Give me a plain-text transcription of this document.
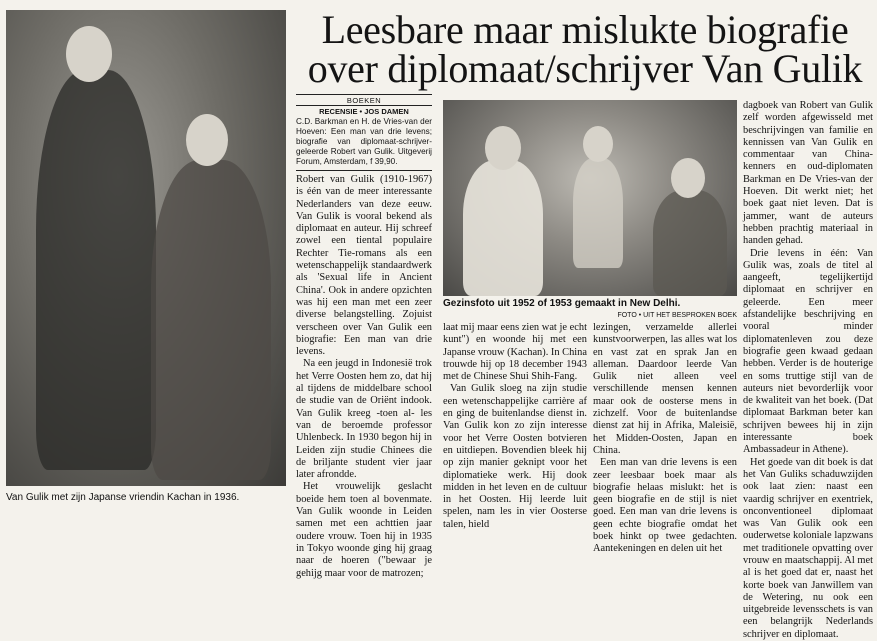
Van Gulik met zijn Japanse vriendin Kachan in 1936.
Leesbare maar mislukte biografie
over diplomaat/schrijver Van Gulik
BOEKEN
RECENSIE • JOS DAMEN
C.D. Barkman en H. de Vries-van der Hoeven: Een man van drie levens; biografie van diplomaat-schrijver-geleerde Robert van Gulik. Uitgeverij Forum, Amsterdam, f 39,90.
Gezinsfoto uit 1952 of 1953 gemaakt in New Delhi.
FOTO • UIT HET BESPROKEN BOEK

Robert van Gulik (1910-1967) is één van de meer interessante Nederlanders van deze eeuw. Van Gulik is vooral bekend als diplomaat en auteur. Hij schreef zowel een tiental populaire Rechter Tie-romans als een wetenschappelijk standaardwerk als 'Sexual life in Ancient China'. Ook in andere opzichten was hij een man met een zeer diverse belangstelling. Zojuist verscheen over Van Gulik een biografie: Een man van drie levens.

Na een jeugd in Indonesië trok het Verre Oosten hem zo, dat hij al tijdens de middelbare school de studie van de Oriënt indook. Van Gulik kreeg -toen al- les van de beroemde professor Uhlenbeck. In 1930 begon hij in Leiden zijn studie Chinees die de briljante student vier jaar later afrondde.

Het vrouwelijk geslacht boeide hem toen al bovenmate. Van Gulik woonde in Leiden samen met een achttien jaar oudere vrouw. Toen hij in 1935 in Tokyo woonde ging hij graag naar de hoeren ("bewaar je gehijg maar voor de matrozen;

laat mij maar eens zien wat je echt kunt") en woonde hij met een Japanse vrouw (Kachan). In China trouwde hij op 18 december 1943 met de Chinese Shui Shih-Fang.

Van Gulik sloeg na zijn studie een wetenschappelijke carrière af en ging de buitenlandse dienst in. Van Gulik kon zo zijn interesse voor het Verre Oosten botvieren en uitdiepen. Bovendien bleek hij op zijn manier geknipt voor het diplomatieke werk. Hij dook midden in het leven en de cultuur in het Oosten. Hij leerde luit spelen, nam les in vier Oosterse talen, hield

lezingen, verzamelde allerlei kunstvoorwerpen, las alles wat los en vast zat en sprak Jan en alleman. Daardoor leerde Van Gulik niet alleen veel verschillende mensen kennen maar ook de oosterse mens in zichzelf. Voor de buitenlandse dienst zat hij in Afrika, Maleisië, het Midden-Oosten, Japan en China.

Een man van drie levens is een zeer leesbaar boek maar als biografie helaas mislukt: het is geen biografie en de stijl is niet goed. Een man van drie levens is geen echte biografie omdat het boek hinkt op twee gedachten. Aantekeningen en delen uit het

dagboek van Robert van Gulik zelf worden afgewisseld met beschrijvingen van familie en kennissen van Van Gulik en commentaar van China-kenners en oud-diplomaten Barkman en De Vries-van der Hoeven. Dit werkt niet; het boek gaat niet leven. Dat is jammer, want de auteurs hebben prachtig materiaal in handen gehad.

Drie levens in één: Van Gulik was, zoals de titel al aangeeft, tegelijkertijd diplomaat en schrijver en geleerde. Een meer afstandelijke beschrijving en vooral minder diplomatenleven zou deze biografie geen kwaad gedaan hebben. Verder is de houterige en soms truttige stijl van de auteurs niet bevorderlijk voor de kwaliteit van het boek. (Dat diplomaat Barkman beter kan schrijven bewees hij in zijn interessante boek Ambassadeur in Athene).

Het goede van dit boek is dat het Van Guliks schaduwzijden ook laat zien: naast een vaardig schrijver en exentriek, onconventioneel diplomaat was Van Gulik ook een ouderwetse koloniale lapzwans met traditionele opvatting over vrouw en maatschappij. Al met al is het goed dat er, naast het korte boek van Janwillem van de Wetering, nu ook een uitgebreide levensschets is van een belangrijk Nederlands schrijver en diplomaat.
